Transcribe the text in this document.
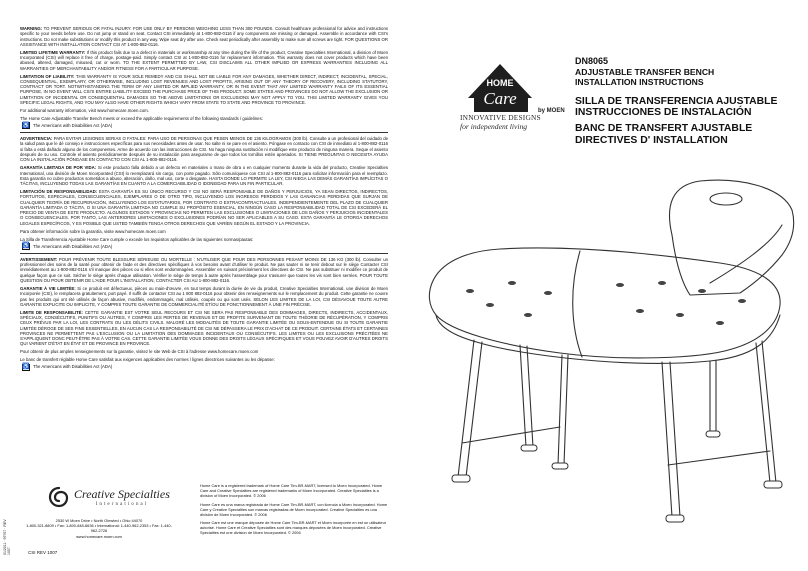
WARNING: TO PREVENT SERIOUS OR FATAL INJURY: FOR USE ONLY BY PERSONS WEIGHING LESS THAN 300 POUNDS. Consult healthcare professional for advice and instructions specific to your needs before use. Do not jump or stand on seat. Contact CSI immediately at 1-800-882-0116 if any components are missing or damaged. Assemble in accordance with CSI's instructions. Do not make substitutions or modify this product in any way. Wipe seat dry after use. Check seat periodically after assembly to make sure all screws are tight. FOR QUESTIONS OR ASSISTANCE WITH INSTALLATION CONTACT CSI AT 1-800-882-0116.

LIMITED LIFETIME WARRANTY: If this product fails due to a defect in materials or workmanship at any time during the life of the product, Creative Specialties International, a division of Moen Incorporated (CSI) will replace it free of charge, postage-paid. Simply contact CSI at 1-800-882-0116 for replacement information. This warranty does not cover products which have been abused, altered, damaged, misused, cut or worn. TO THE EXTENT PERMITTED BY LAW, CSI DISCLAIMS ALL OTHER IMPLIED OR EXPRESS WARRANTIES INCLUDING ALL WARRANTIES OF MERCHANTABILITY AND/OR FITNESS FOR A PARTICULAR PURPOSE.

LIMITATION OF LIABILITY: THIS WARRANTY IS YOUR SOLE REMEDY AND CSI SHALL NOT BE LIABLE FOR ANY DAMAGES, WHETHER DIRECT, INDIRECT, INCIDENTAL, SPECIAL, CONSEQUENTIAL, EXEMPLARY, OR OTHERWISE, INCLUDING LOST REVENUES AND LOST PROFITS, ARISING OUT OF ANY THEORY OF RECOVERY, INCLUDING STATUTORY, CONTRACT OR TORT. NOTWITHSTANDING THE TERM OF ANY LIMITED OR IMPLIED WARRANTY, OR IN THE EVENT THAT ANY LIMITED WARRANTY FAILS OF ITS ESSENTIAL PURPOSE, IN NO EVENT WILL CSI'S ENTIRE LIABILITY EXCEED THE PURCHASE PRICE OF THIS PRODUCT. SOME STATES AND PROVINCES DO NOT ALLOW THE EXCLUSION OR LIMITATION OF INCIDENTAL OR CONSEQUENTIAL DAMAGES SO THE ABOVE LIMITATIONS OR EXCLUSIONS MAY NOT APPLY TO YOU. THIS LIMITED WARRANTY GIVES YOU SPECIFIC LEGAL RIGHTS, AND YOU MAY ALSO HAVE OTHER RIGHTS WHICH VARY FROM STATE TO STATE AND PROVINCE TO PROVINCE.

For additional warranty information, visit www.homecare.moen.com.

The Home Care Adjustable Transfer Bench meets or exceed the applicable requirements of the following standards / guidelines:

♿ The Americans with Disabilities Act (ADA)

ADVERTENCIA: PARA EVITAR LESIONES SERIAS O FATALES: PARA USO DE PERSONAS QUE PESEN MENOS DE 136 KILOGRAMOS (300 lb). Consulte a un profesional del cuidado de la salud para que le dé consejo e instrucciones específicas para sus necesidades antes de usar. No salte ni se pare en el asiento. Póngase en contacto con CSI de inmediato al 1-800-882-0116 si falta o está dañado alguno de los componentes. Arme de acuerdo con las instrucciones de CSI. No haga ninguna sustitución ni modifique este producto de ninguna manera. Seque el asiento después de su uso. Controle el asiento periódicamente después de su instalación para asegurarse de que todos los tornillos estén apretados. SI TIENE PREGUNTAS O NECESITA AYUDA CON LA INSTALACIÓN PÓNGASE EN CONTACTO CON CSI AL 1-800-882-0116.

GARANTÍA LIMITADA DE POR VIDA: Si este producto falla debido a un defecto en materiales o mano de obra o en cualquier momento durante la vida del producto, Creative Specialties International, una división de Moen Incorporated (CSI) lo reemplazará sin cargo, con porte pagado. Sólo comuníquese con CSI al 1-800-882-0116 para solicitar información para el reemplazo. Esta garantía no cubre productos sometidos a abuso, alteración, daño, mal uso, corte o desgaste. HASTA DONDE LO PERMITE LA LEY, CSI NIEGA LAS DEMÁS GARANTÍAS IMPLÍCITAS O TÁCITAS, INCLUYENDO TODAS LAS GARANTÍAS EN CUANTO A LA COMERCIABILIDAD O IDONEIDAD PARA UN FIN PARTICULAR.

LIMITACIÓN DE RESPONSABILIDAD: ESTA GARANTÍA ES SU ÚNICO RECURSO Y CSI NO SERÁ RESPONSABLE DE DAÑOS Y PERJUICIOS, YA SEAN DIRECTOS, INDIRECTOS, FORTUITOS, ESPECIALES, CONSECUENCIALES, EJEMPLARES O DE OTRO TIPO, INCLUYENDO LOS INGRESOS PERDIDOS Y LAS GANANCIAS PERDIDAS QUE SURJAN DE CUALQUIER TEORÍA DE RECUPERACIÓN, INCLUYENDO LOS ESTATUTARIOS, POR CONTRATO O EXTRACONTRACTUALES. INDEPENDIENTEMENTE DEL PLAZO DE CUALQUIER GARANTÍA LIMITADA O TÁCITA, O SI UNA GARANTÍA LIMITADA NO CUMPLE SU PROPÓSITO ESENCIAL, EN NINGÚN CASO LA RESPONSABILIDAD TOTAL DE CSI EXCEDERÁ EL PRECIO DE VENTA DE ESTE PRODUCTO. ALGUNOS ESTADOS Y PROVINCIAS NO PERMITEN LAS EXCLUSIONES O LIMITACIONES DE LOS DAÑOS Y PERJUICIOS INCIDENTALES O CONSECUENCIALES. POR TANTO, LAS ANTERIORES LIMITACIONES O EXCLUSIONES PODRÍAN NO SER APLICABLES A SU CASO. ESTA GARANTÍA LE OTORGA DERECHOS LEGALES ESPECÍFICOS, Y ES POSIBLE QUE USTED TAMBIÉN TENGA OTROS DERECHOS QUE VARÍEN SEGÚN EL ESTADO Y LA PROVINCIA.

Para obtener información sobre la garantía, visite www.homecare.moen.com

La Silla de Transferencia Ajustable Home Care cumple o excede los requisitos aplicables de las siguientes normas/pautas:

♿ The Americans with Disabilities Act (ADA)

AVERTISSEMENT: POUR PRÉVENIR TOUTE BLESSURE SÉRIEUSE OU MORTELLE : N'UTILISER QUE POUR DES PERSONNES PESANT MOINS DE 136 KG (300 lb). Consulter un professionnel des soins de la santé pour obtenir de l'aide et des directives spécifiques à vos besoins avant d'utiliser le produit. Ne pas sauter ni se tenir debout sur le siège Contacter CSI immédiatement au 1-800-882-0116 s'il manque des pièces ou si elles sont endommagées. Assembler en suivant précisément les directives de CSI. Ne pas substituer ni modifier ce produit de quelque façon que ce soit. Sécher le siège après chaque utilisation. Vérifier le siège de temps à autre après l'assemblage pour s'assurer que toutes les vis sont bien serrées. POUR TOUTE QUESTION OU POUR OBTENIR DE L'AIDE POUR L'INSTALLATION, CONTACTER CSI AU 1-800-882-0116.

GARANTIE À VIE LIMITÉE: Si ce produit est défectueux, pièces ou main-d'œuvre, en tout temps durant la durée de vie du produit, Creative Specialties International, une division de Moen Incorporée (CSI), le remplacera gratuitement, port payé. Il suffit de contacter CSI au 1 800 882-0116 pour obtenir des renseignements sur le remplacement du produit. Cette garantie ne couvre pas les produits qui ont été utilisés de façon abusive, modifiés, endommagés, mal utilisés, coupés ou qui sont usés. SELON LES LIMITES DE LA LOI, CSI DÉSAVOUE TOUTE AUTRE GARANTIE EXPLICITE OU IMPLICITE, Y COMPRIS TOUTE GARANTIE DE COMMERCIALITÉ ET/OU DE FONCTIONNEMENT À UNE FIN PRÉCISE.

LIMITE DE RESPONSABILITÉ: CETTE GARANTIE EST VOTRE SEUL RECOURS ET CSI NE SERA PAS RESPONSABLE DES DOMMAGES, DIRECTS, INDIRECTS, ACCIDENTAUX, SPÉCIAUX, CONSÉCUTIFS, PUNITIFS OU AUTRES, Y COMPRIS LES PERTES DE REVENUS ET DE PROFITS SURVENANT DE TOUTE THÉORIE DE RÉCUPÉRATION, Y COMPRIS CEUX PRÉVUS PAR LA LOI, LES CONTRATS OU LES DÉLITS CIVILS. MALGRÉ LES MODALITÉS DE TOUTE GARANTIE LIMITÉE OU SOUS-ENTENDUE OU SI TOUTE GARANTIE LIMITÉE DÉROGE DE SES FINS ESSENTIELLES, EN AUCUN CAS LA RESPONSABILITÉ DE CSI NE DÉPASSERA LE PRIX D'ACHAT DE CE PRODUIT. CERTAINS ÉTATS ET CERTAINES PROVINCES NE PERMETTENT PAS L'EXCLUSION OU LA LIMITATION DES DOMMAGES INCIDENTAUX OU CONSÉCUTIFS. LES LIMITES OU LES EXCLUSIONS PRÉCITÉES NE S'APPLIQUENT DONC PEUT-ÊTRE PAS À VOTRE CAS. CETTE GARANTIE LIMITÉE VOUS DONNE DES DROITS LÉGAUX SPÉCIFIQUES ET VOUS POUVEZ AVOIR D'AUTRES DROITS QUI VARIENT D'ÉTAT EN ÉTAT ET DE PROVINCE EN PROVINCE.

Pour obtenir de plus amples renseignements sur la garantie, visitez le site Web de CSI à l'adresse www.homecare.moen.com

Le banc de transfert réglable Home Care satisfait aux exigences applicables des normes / lignes directrices suivantes ou les dépasse:

♿ The Americans with Disabilities Act (ADA)
01/2011 · 99767 · REV 1007
Creative Specialties
International
2530 W Moen Drive • North Olmsted • Ohio 44070
1-800-321-8809 • Fax: 1-800-848-6636 • International: 1-440-962-2353 • Fax: 1-440-962-2726
www.homecare.moen.com
CSI REV 1007

Home Care is a registered trademark of Home Care Tim-BR-MART, licensed to Moen Incorporated. Home Care and Creative Specialties are registered trademarks of Moen Incorporated. Creative Specialties is a division of Moen Incorporated. © 2006

Home Care es una marca registrada de Home Care Tim-BR-MART, con licencia a Moen Incorporated. Home Care y Creative Specialties son marcas registradas de Moen Incorporated. Creative Specialties es una división de Moen Incorporated. © 2006

Home Care est une marque déposée de Home Care Tim-BR-MART et Moen incorporée en est un utilisateur autorisé. Home Care et Creative Specialties sont des marques déposées de Moen Incorporated. Creative Specialties est une division de Moen Incorporated. © 2006

HOME
Care
by MOEN
INNOVATIVE DESIGNS
for independent living
DN8065
ADJUSTABLE TRANSFER BENCH
INSTALLATION INSTRUCTIONS
SILLA DE TRANSFERENCIA AJUSTABLE
INSTRUCCIONES DE INSTALACIÓN
BANC DE TRANSFERT AJUSTABLE
DIRECTIVES D' INSTALLATION
